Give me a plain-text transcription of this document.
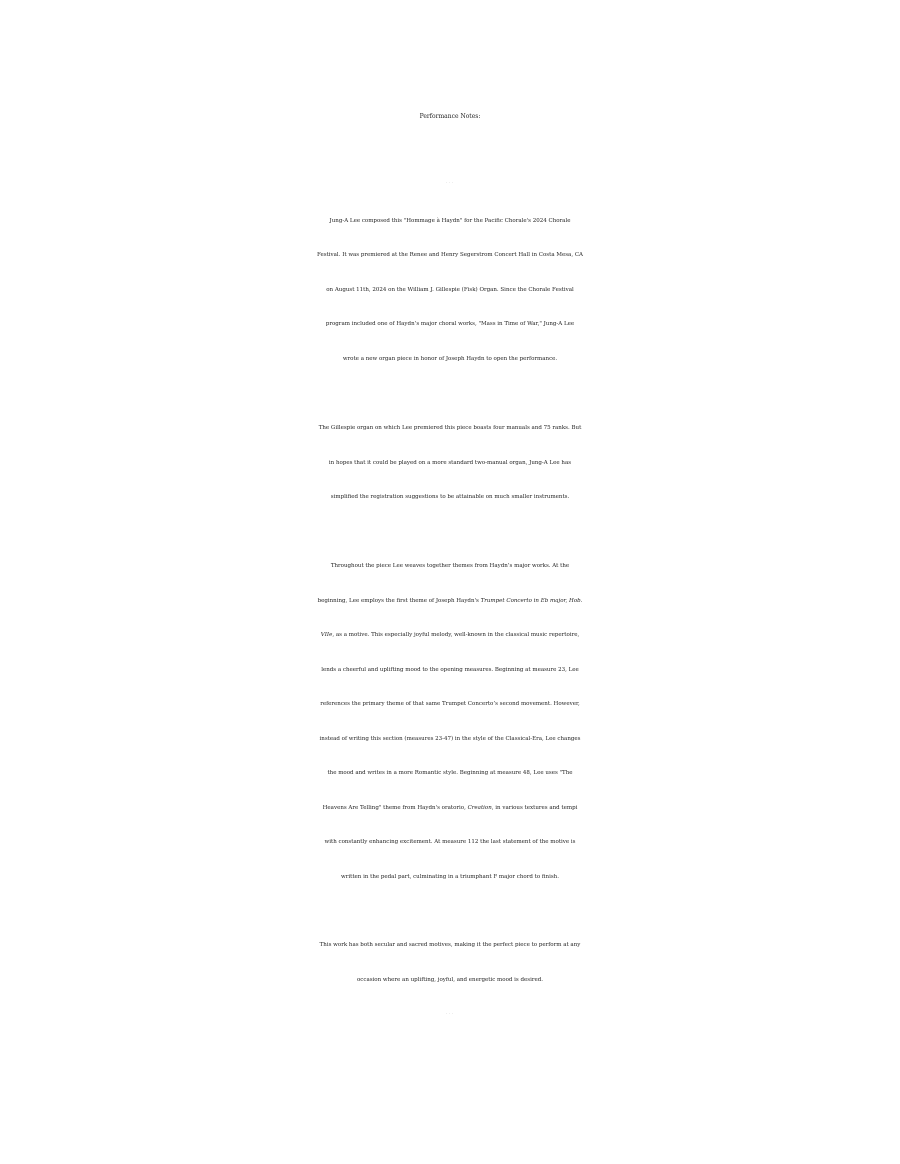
Performance Notes:
* * *
Jung-A Lee composed this "Hommage à Haydn" for the Pacific Chorale's 2024 Chorale
Festival. It was premiered at the Renee and Henry Segerstrom Concert Hall in Costa Mesa, CA
on August 11th, 2024 on the William J. Gillespie (Fisk) Organ. Since the Chorale Festival
program included one of Haydn’s major choral works, "Mass in Time of War," Jung-A Lee
wrote a new organ piece in honor of Joseph Haydn to open the performance.
The Gillespie organ on which Lee premiered this piece boasts four manuals and 75 ranks. But
in hopes that it could be played on a more standard two-manual organ, Jung-A Lee has
simplified the registration suggestions to be attainable on much smaller instruments.
Throughout the piece Lee weaves together themes from Haydn’s major works. At the
beginning, Lee employs the first theme of Joseph Haydn's Trumpet Concerto in Eb major, Hob.
VIIe, as a motive. This especially joyful melody, well-known in the classical music repertoire,
lends a cheerful and uplifting mood to the opening measures. Beginning at measure 23, Lee
references the primary theme of that same Trumpet Concerto’s second movement. However,
instead of writing this section (measures 23-47) in the style of the Classical-Era, Lee changes
the mood and writes in a more Romantic style. Beginning at measure 48, Lee uses "The
Heavens Are Telling" theme from Haydn's oratorio, Creation, in various textures and tempi
with constantly enhancing excitement. At measure 112 the last statement of the motive is
written in the pedal part, culminating in a triumphant F major chord to finish.
This work has both secular and sacred motives, making it the perfect piece to perform at any
occasion where an uplifting, joyful, and energetic mood is desired.
* * *
